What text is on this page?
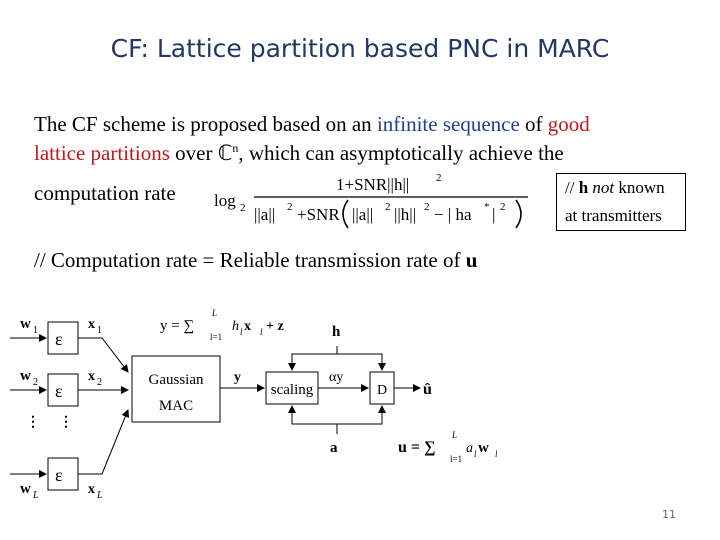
CF: Lattice partition based PNC in MARC
The CF scheme is proposed based on an infinite sequence of good
lattice partitions over ℂ$^n$, which can asymptotically achieve the
computation rate log 2
1+SNR||h|| 2
||a|| 2 +SNR ||a|| 2 ||h|| 2 − | ha * | 2
// h not known
at transmitters
// Computation rate = Reliable transmission rate of u
w 1
w 2
w L
ε
ε
ε
⋮ ⋮
x 1
x 2
x L
Gaussian
MAC
y
scaling
αy
D û
h
a
y = ∑
L
l=1
h l x l + z
u = ∑
L
l=1
a l w l
11
